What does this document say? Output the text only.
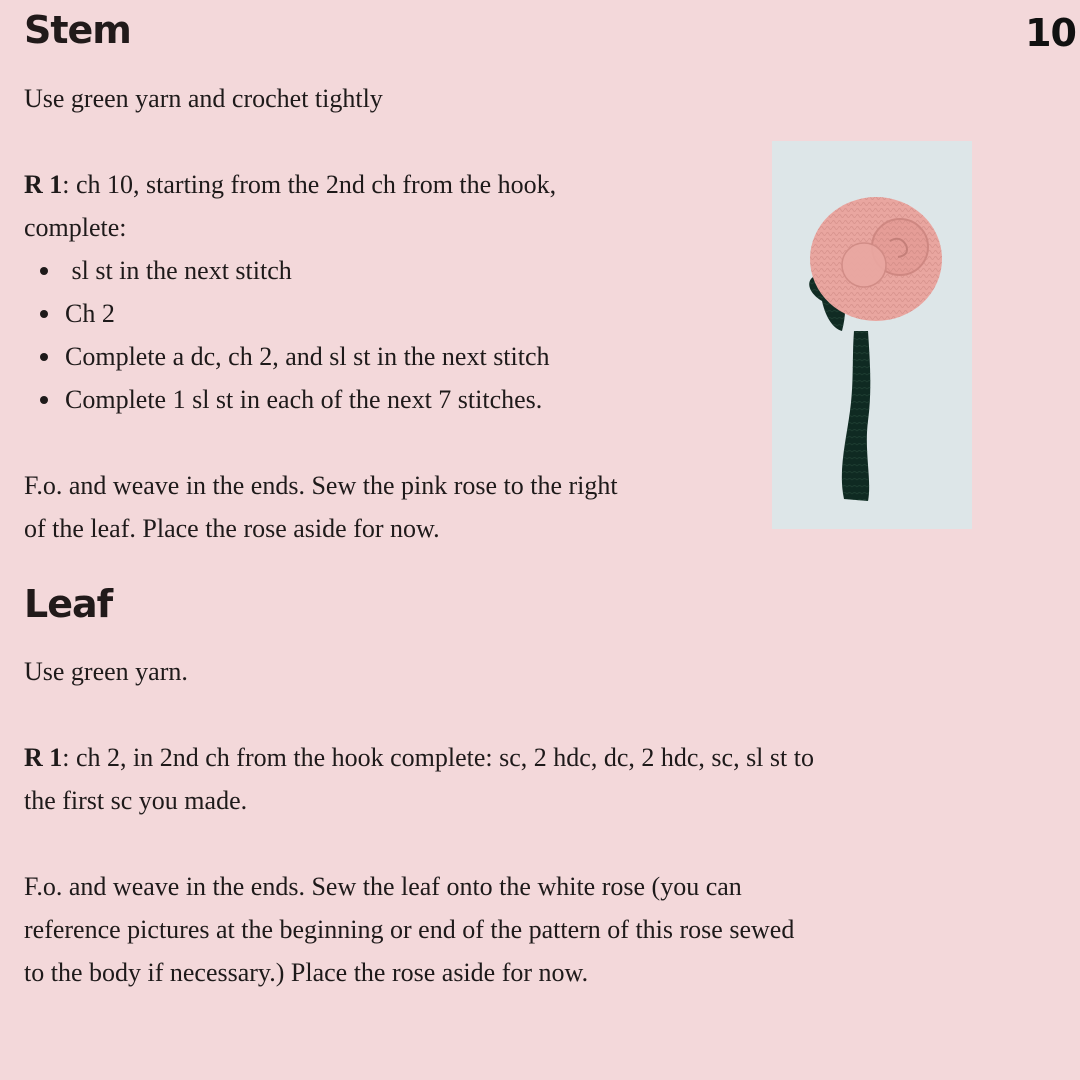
Stem	10

Use green yarn and crochet tightly

R 1: ch 10, starting from the 2nd ch from the hook,
complete:

sl st in the next stitch
Ch 2
Complete a dc, ch 2, and sl st in the next stitch
Complete 1 sl st in each of the next 7 stitches.

F.o. and weave in the ends. Sew the pink rose to the right
of the leaf. Place the rose aside for now.

Leaf

Use green yarn.

R 1: ch 2, in 2nd ch from the hook complete: sc, 2 hdc, dc, 2 hdc, sc, sl st to
the first sc you made.

F.o. and weave in the ends. Sew the leaf onto the white rose (you can
reference pictures at the beginning or end of the pattern of this rose sewed
to the body if necessary.) Place the rose aside for now.
